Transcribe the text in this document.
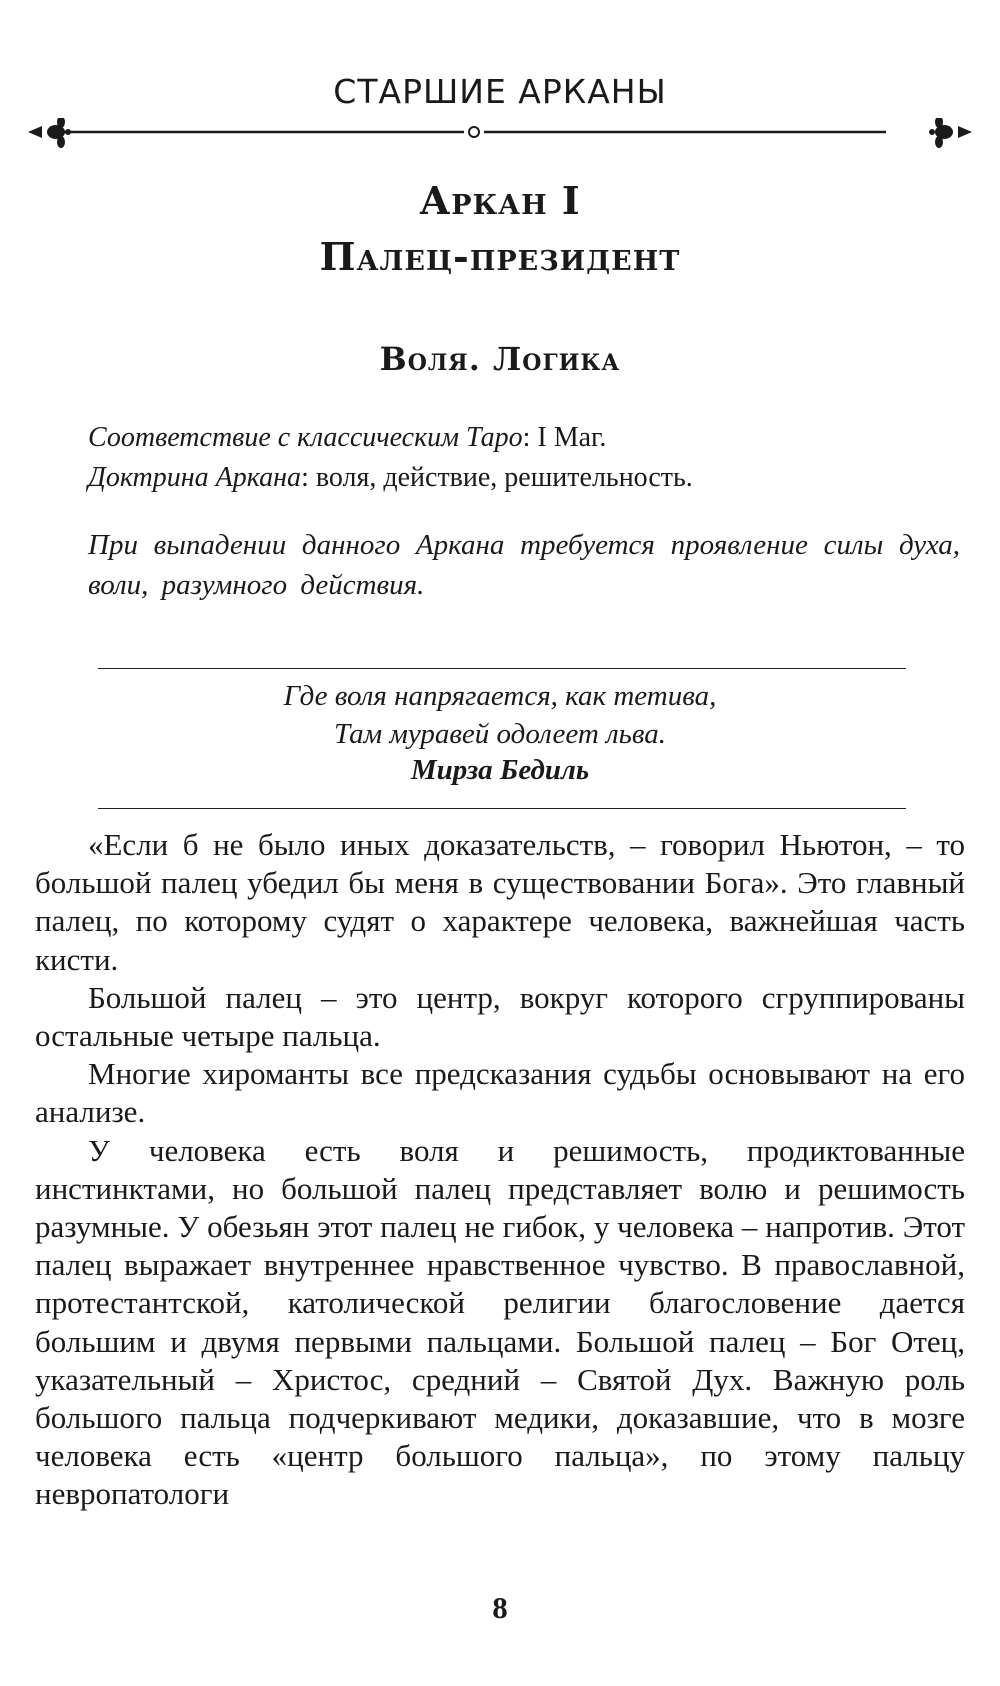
СТАРШИЕ АРКАНЫ
Аркан I
Палец-президент
Воля. Логика
Соответствие с классическим Таро: I Маг.
Доктрина Аркана: воля, действие, решительность.
При выпадении данного Аркана требуется проявление силы духа, воли, разумного действия.
Где воля напрягается, как тетива,
Там муравей одолеет льва.
Мирза Бедиль

«Если б не было иных доказательств, – говорил Ньютон, – то большой палец убедил бы меня в существовании Бога». Это главный палец, по которому судят о характере человека, важнейшая часть кисти.

Большой палец – это центр, вокруг которого сгруппированы остальные четыре пальца.

Многие хироманты все предсказания судьбы основывают на его анализе.

У человека есть воля и решимость, продиктованные инстинктами, но большой палец представляет волю и решимость разумные. У обезьян этот палец не гибок, у человека – напротив. Этот палец выражает внутреннее нравственное чувство. В православной, протестантской, католической религии благословение дается большим и двумя первыми пальцами. Большой палец – Бог Отец, указательный – Христос, средний – Святой Дух. Важную роль большого пальца подчеркивают медики, доказавшие, что в мозге человека есть «центр большого пальца», по этому пальцу невропатологи

8
